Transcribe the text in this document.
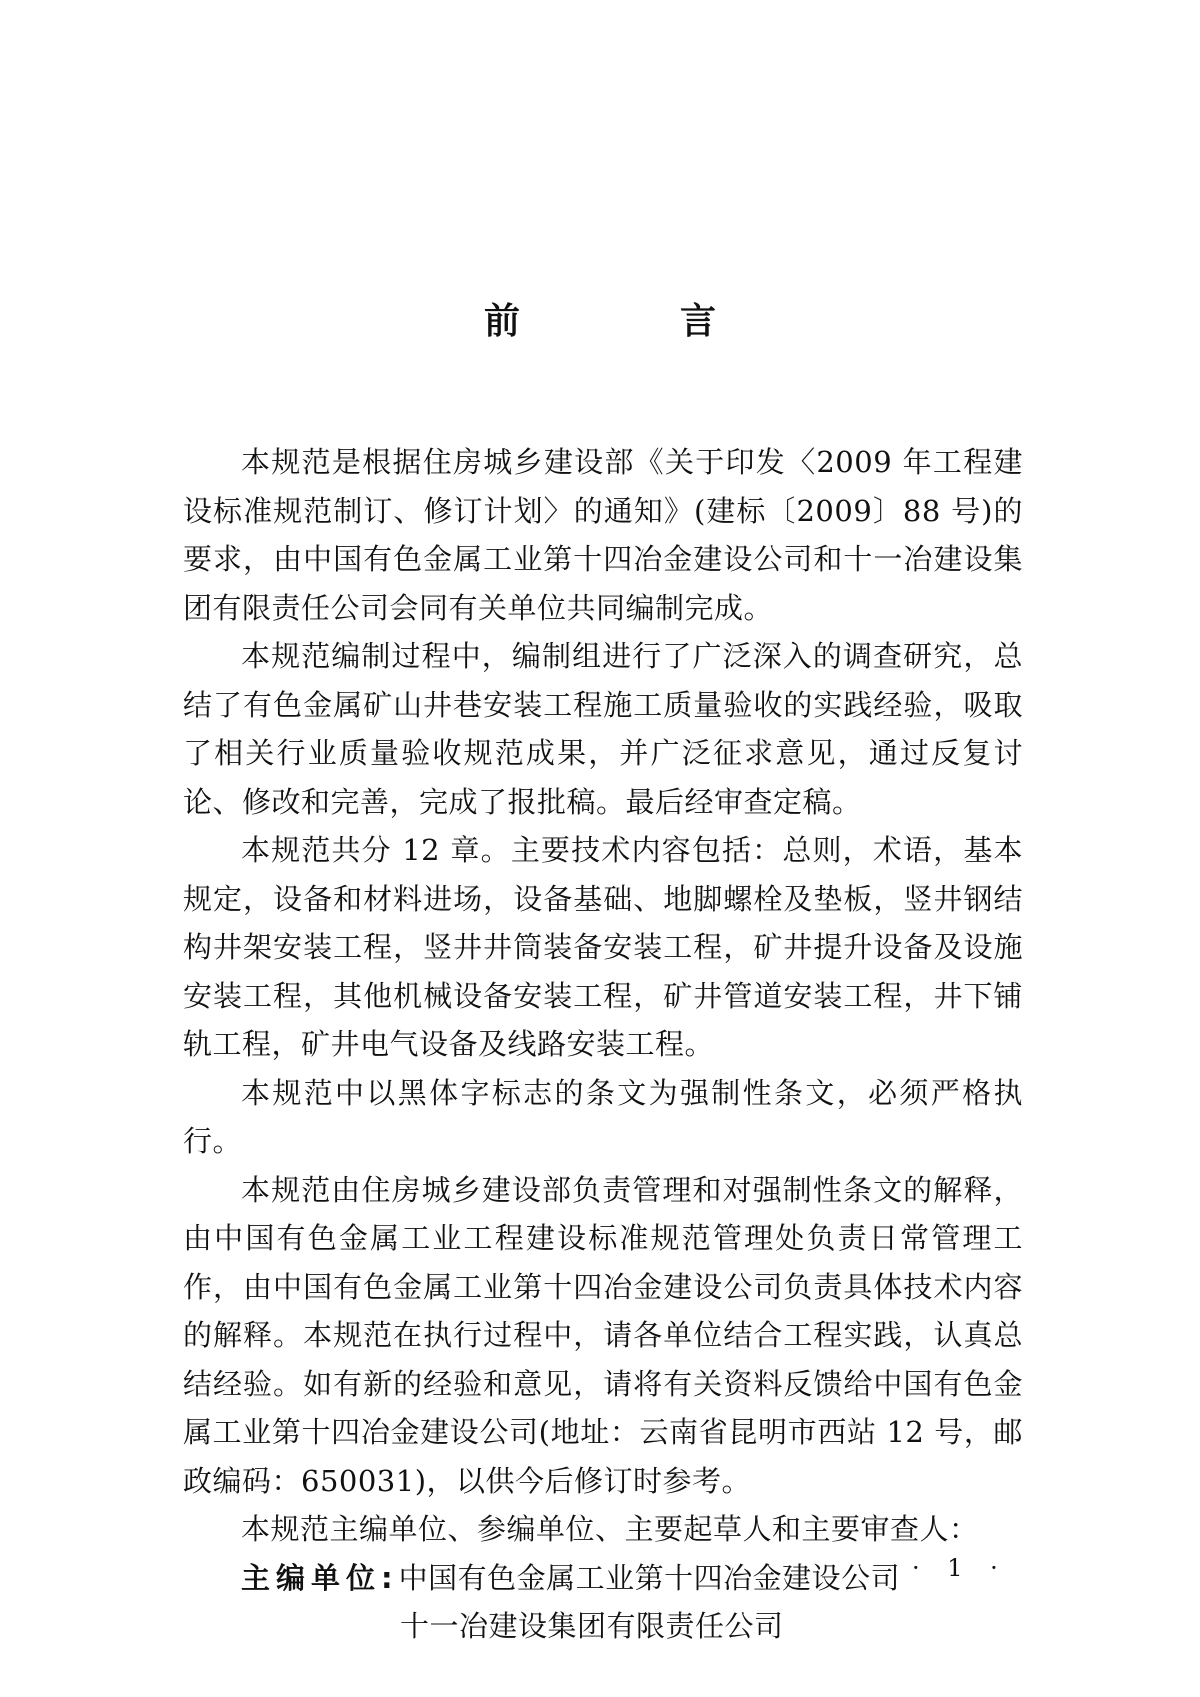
前　言

本规范是根据住房城乡建设部《关于印发〈2009 年工程建设标准规范制订、修订计划〉的通知》(建标〔2009〕88 号)的要求，由中国有色金属工业第十四冶金建设公司和十一冶建设集团有限责任公司会同有关单位共同编制完成。

本规范编制过程中，编制组进行了广泛深入的调查研究，总结了有色金属矿山井巷安装工程施工质量验收的实践经验，吸取了相关行业质量验收规范成果，并广泛征求意见，通过反复讨论、修改和完善，完成了报批稿。最后经审查定稿。

本规范共分 12 章。主要技术内容包括：总则，术语，基本规定，设备和材料进场，设备基础、地脚螺栓及垫板，竖井钢结构井架安装工程，竖井井筒装备安装工程，矿井提升设备及设施安装工程，其他机械设备安装工程，矿井管道安装工程，井下铺轨工程，矿井电气设备及线路安装工程。

本规范中以黑体字标志的条文为强制性条文，必须严格执行。

本规范由住房城乡建设部负责管理和对强制性条文的解释，由中国有色金属工业工程建设标准规范管理处负责日常管理工作，由中国有色金属工业第十四冶金建设公司负责具体技术内容的解释。本规范在执行过程中，请各单位结合工程实践，认真总结经验。如有新的经验和意见，请将有关资料反馈给中国有色金属工业第十四冶金建设公司(地址：云南省昆明市西站 12 号，邮政编码：650031)，以供今后修订时参考。

本规范主编单位、参编单位、主要起草人和主要审查人：

主编单位:中国有色金属工业第十四冶金建设公司
十一冶建设集团有限责任公司
· 1 ·
